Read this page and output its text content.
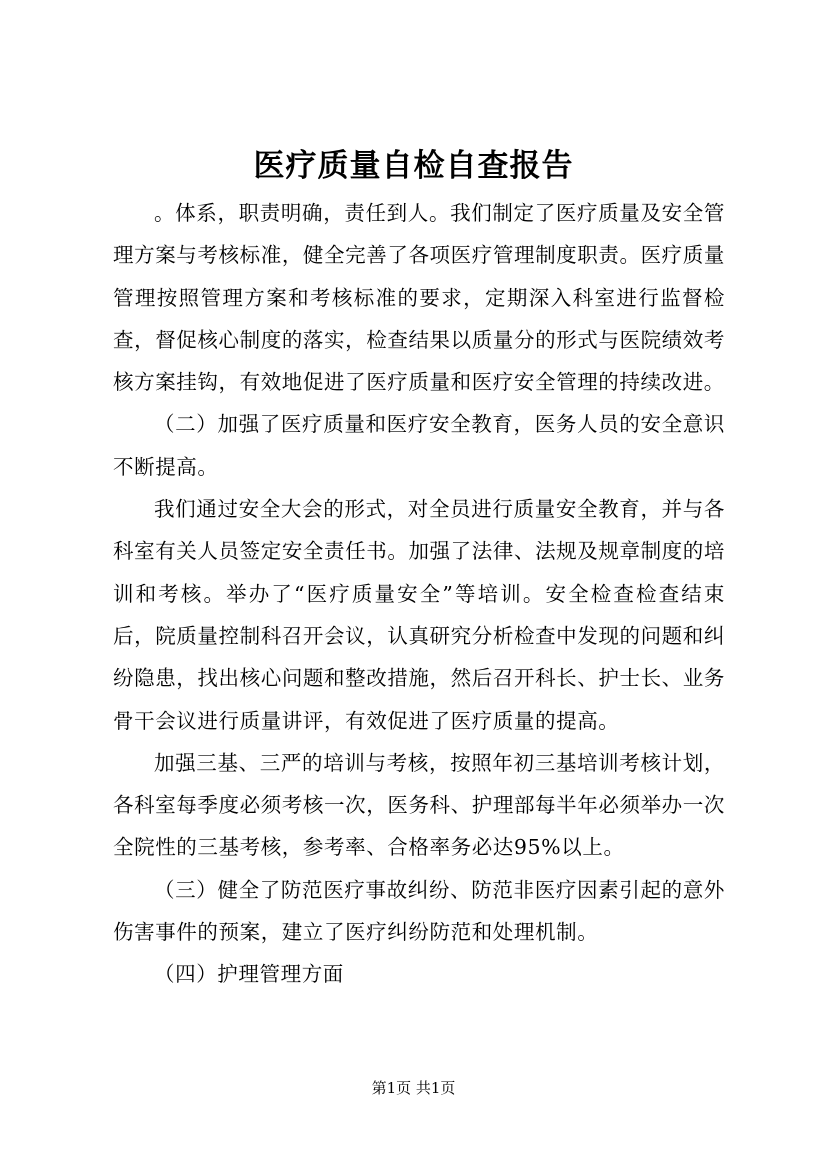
医疗质量自检自查报告

。体系，职责明确，责任到人。我们制定了医疗质量及安全管理方案与考核标准，健全完善了各项医疗管理制度职责。医疗质量管理按照管理方案和考核标准的要求，定期深入科室进行监督检查，督促核心制度的落实，检查结果以质量分的形式与医院绩效考核方案挂钩，有效地促进了医疗质量和医疗安全管理的持续改进。

（二）加强了医疗质量和医疗安全教育，医务人员的安全意识不断提高。

我们通过安全大会的形式，对全员进行质量安全教育，并与各科室有关人员签定安全责任书。加强了法律、法规及规章制度的培训和考核。举办了“医疗质量安全”等培训。安全检查检查结束后，院质量控制科召开会议，认真研究分析检查中发现的问题和纠纷隐患，找出核心问题和整改措施，然后召开科长、护士长、业务骨干会议进行质量讲评，有效促进了医疗质量的提高。

加强三基、三严的培训与考核，按照年初三基培训考核计划，各科室每季度必须考核一次，医务科、护理部每半年必须举办一次全院性的三基考核，参考率、合格率务必达95%以上。

（三）健全了防范医疗事故纠纷、防范非医疗因素引起的意外伤害事件的预案，建立了医疗纠纷防范和处理机制。

（四）护理管理方面

第1页 共1页
